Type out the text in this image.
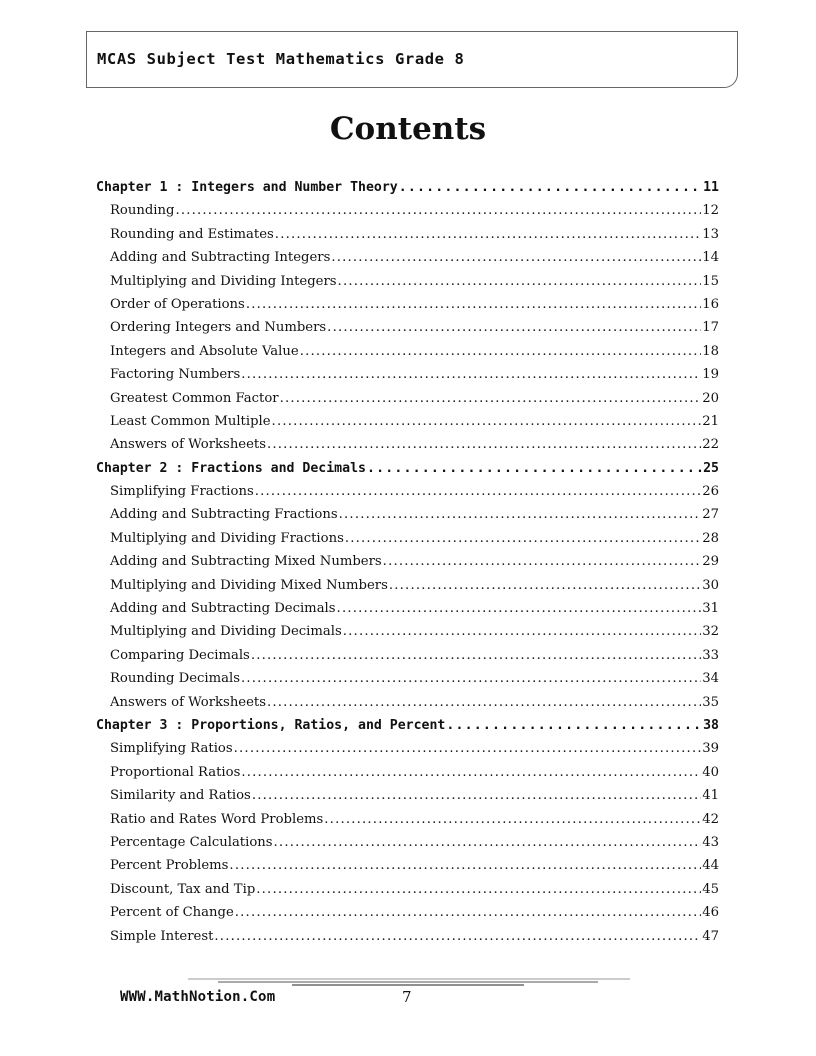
MCAS Subject Test Mathematics Grade 8
Contents
Chapter 1 : Integers and Number Theory .....	11
Rounding .....	12
Rounding and Estimates .....	13
Adding and Subtracting Integers .....	14
Multiplying and Dividing Integers .....	15
Order of Operations .....	16
Ordering Integers and Numbers .....	17
Integers and Absolute Value .....	18
Factoring Numbers .....	19
Greatest Common Factor .....	20
Least Common Multiple .....	21
Answers of Worksheets .....	22
Chapter 2 : Fractions and Decimals .....	25
Simplifying Fractions .....	26
Adding and Subtracting Fractions .....	27
Multiplying and Dividing Fractions .....	28
Adding and Subtracting Mixed Numbers .....	29
Multiplying and Dividing Mixed Numbers .....	30
Adding and Subtracting Decimals .....	31
Multiplying and Dividing Decimals .....	32
Comparing Decimals .....	33
Rounding Decimals .....	34
Answers of Worksheets .....	35
Chapter 3 : Proportions, Ratios, and Percent .....	38
Simplifying Ratios .....	39
Proportional Ratios .....	40
Similarity and Ratios .....	41
Ratio and Rates Word Problems .....	42
Percentage Calculations .....	43
Percent Problems .....	44
Discount, Tax and Tip .....	45
Percent of Change .....	46
Simple Interest .....	47
WWW.MathNotion.Com	7
